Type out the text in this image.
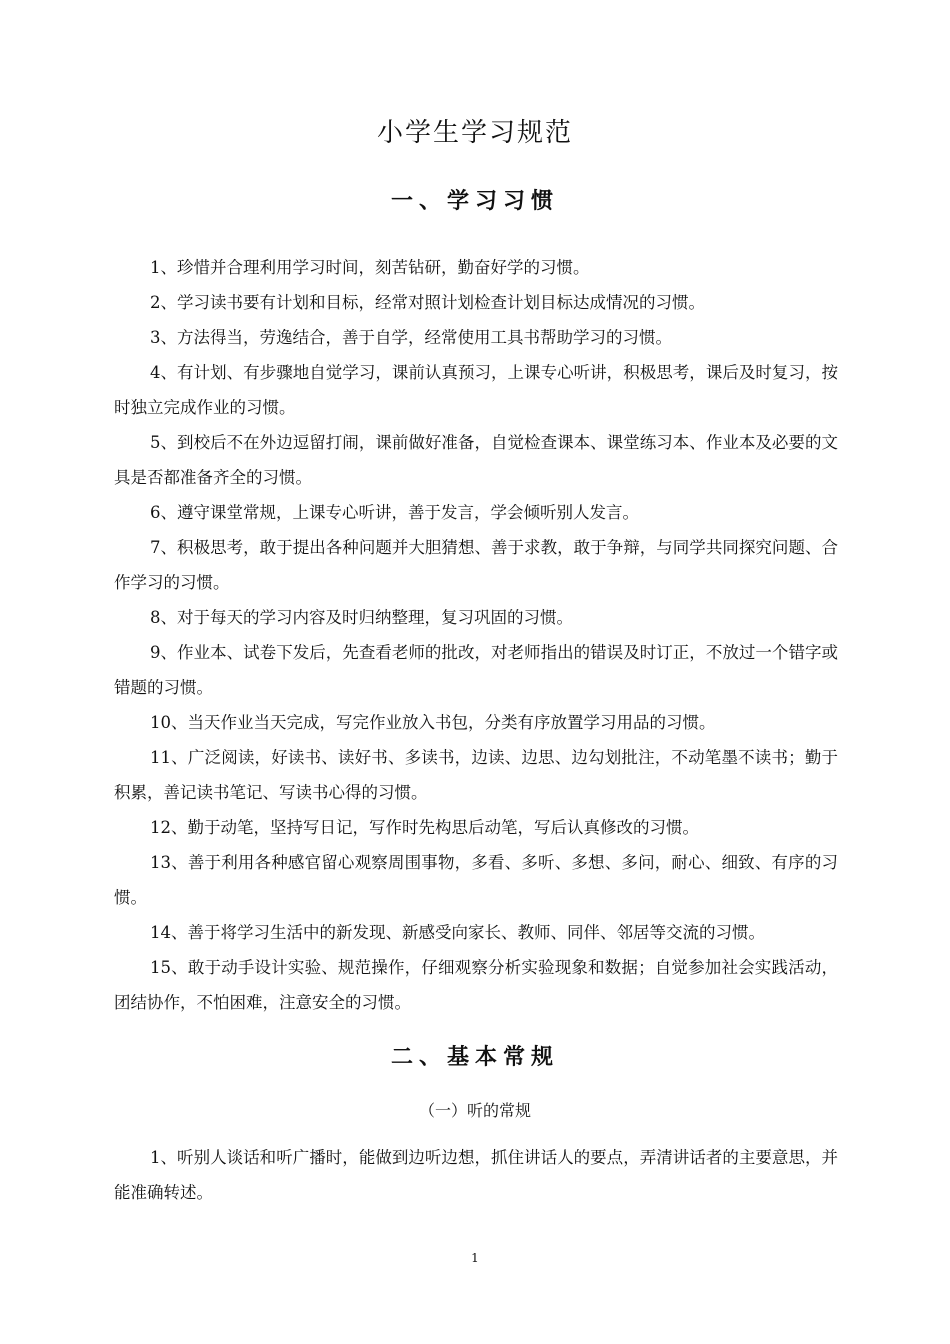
小学生学习规范
一、学习习惯

1、珍惜并合理利用学习时间，刻苦钻研，勤奋好学的习惯。

2、学习读书要有计划和目标，经常对照计划检查计划目标达成情况的习惯。

3、方法得当，劳逸结合，善于自学，经常使用工具书帮助学习的习惯。

4、有计划、有步骤地自觉学习，课前认真预习，上课专心听讲，积极思考，课后及时复习，按时独立完成作业的习惯。

5、到校后不在外边逗留打闹，课前做好准备，自觉检查课本、课堂练习本、作业本及必要的文具是否都准备齐全的习惯。

6、遵守课堂常规，上课专心听讲，善于发言，学会倾听别人发言。

7、积极思考，敢于提出各种问题并大胆猜想、善于求教，敢于争辩，与同学共同探究问题、合作学习的习惯。

8、对于每天的学习内容及时归纳整理，复习巩固的习惯。

9、作业本、试卷下发后，先查看老师的批改，对老师指出的错误及时订正，不放过一个错字或错题的习惯。

10、当天作业当天完成，写完作业放入书包，分类有序放置学习用品的习惯。

11、广泛阅读，好读书、读好书、多读书，边读、边思、边勾划批注，不动笔墨不读书；勤于积累，善记读书笔记、写读书心得的习惯。

12、勤于动笔，坚持写日记，写作时先构思后动笔，写后认真修改的习惯。

13、善于利用各种感官留心观察周围事物，多看、多听、多想、多问，耐心、细致、有序的习惯。

14、善于将学习生活中的新发现、新感受向家长、教师、同伴、邻居等交流的习惯。

15、敢于动手设计实验、规范操作，仔细观察分析实验现象和数据；自觉参加社会实践活动，团结协作，不怕困难，注意安全的习惯。

二、基本常规

（一）听的常规

1、听别人谈话和听广播时，能做到边听边想，抓住讲话人的要点，弄清讲话者的主要意思，并能准确转述。

1
